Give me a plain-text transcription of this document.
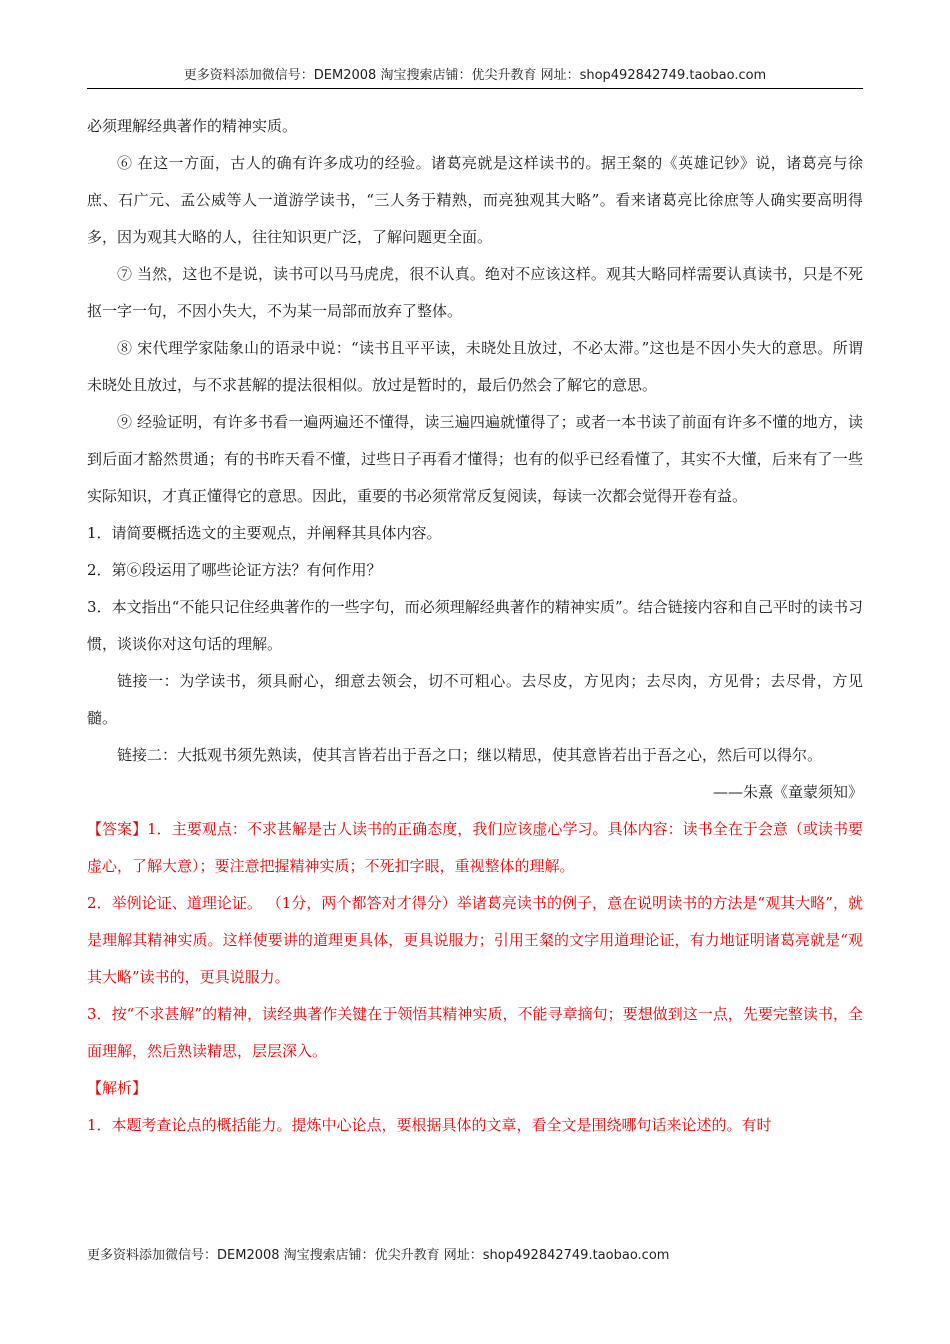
更多资料添加微信号：DEM2008 淘宝搜索店铺：优尖升教育 网址：shop492842749.taobao.com

必须理解经典著作的精神实质。

⑥ 在这一方面，古人的确有许多成功的经验。诸葛亮就是这样读书的。据王粲的《英雄记钞》说，诸葛亮与徐庶、石广元、孟公威等人一道游学读书，“三人务于精熟，而亮独观其大略”。看来诸葛亮比徐庶等人确实要高明得多，因为观其大略的人，往往知识更广泛，了解问题更全面。

⑦ 当然，这也不是说，读书可以马马虎虎，很不认真。绝对不应该这样。观其大略同样需要认真读书，只是不死抠一字一句，不因小失大，不为某一局部而放弃了整体。

⑧ 宋代理学家陆象山的语录中说：“读书且平平读，未晓处且放过，不必太滞。”这也是不因小失大的意思。所谓未晓处且放过，与不求甚解的提法很相似。放过是暂时的，最后仍然会了解它的意思。

⑨ 经验证明，有许多书看一遍两遍还不懂得，读三遍四遍就懂得了；或者一本书读了前面有许多不懂的地方，读到后面才豁然贯通；有的书昨天看不懂，过些日子再看才懂得；也有的似乎已经看懂了，其实不大懂，后来有了一些实际知识，才真正懂得它的意思。因此，重要的书必须常常反复阅读，每读一次都会觉得开卷有益。

1．请简要概括选文的主要观点，并阐释其具体内容。

2．第⑥段运用了哪些论证方法？有何作用？

3．本文指出“不能只记住经典著作的一些字句，而必须理解经典著作的精神实质”。结合链接内容和自己平时的读书习惯，谈谈你对这句话的理解。

链接一：为学读书，须具耐心，细意去领会，切不可粗心。去尽皮，方见肉；去尽肉，方见骨；去尽骨，方见髓。

链接二：大抵观书须先熟读，使其言皆若出于吾之口；继以精思，使其意皆若出于吾之心，然后可以得尔。

——朱熹《童蒙须知》

【答案】1．主要观点：不求甚解是古人读书的正确态度，我们应该虚心学习。具体内容：读书全在于会意（或读书要虚心，了解大意）；要注意把握精神实质；不死扣字眼，重视整体的理解。

2．举例论证、道理论证。 （1分，两个都答对才得分）举诸葛亮读书的例子，意在说明读书的方法是“观其大略”，就是理解其精神实质。这样使要讲的道理更具体，更具说服力；引用王粲的文字用道理论证，有力地证明诸葛亮就是“观其大略”读书的，更具说服力。

3．按“不求甚解”的精神，读经典著作关键在于领悟其精神实质，不能寻章摘句；要想做到这一点，先要完整读书，全面理解，然后熟读精思，层层深入。

【解析】

1．本题考查论点的概括能力。提炼中心论点，要根据具体的文章，看全文是围绕哪句话来论述的。有时

更多资料添加微信号：DEM2008 淘宝搜索店铺：优尖升教育 网址：shop492842749.taobao.com
